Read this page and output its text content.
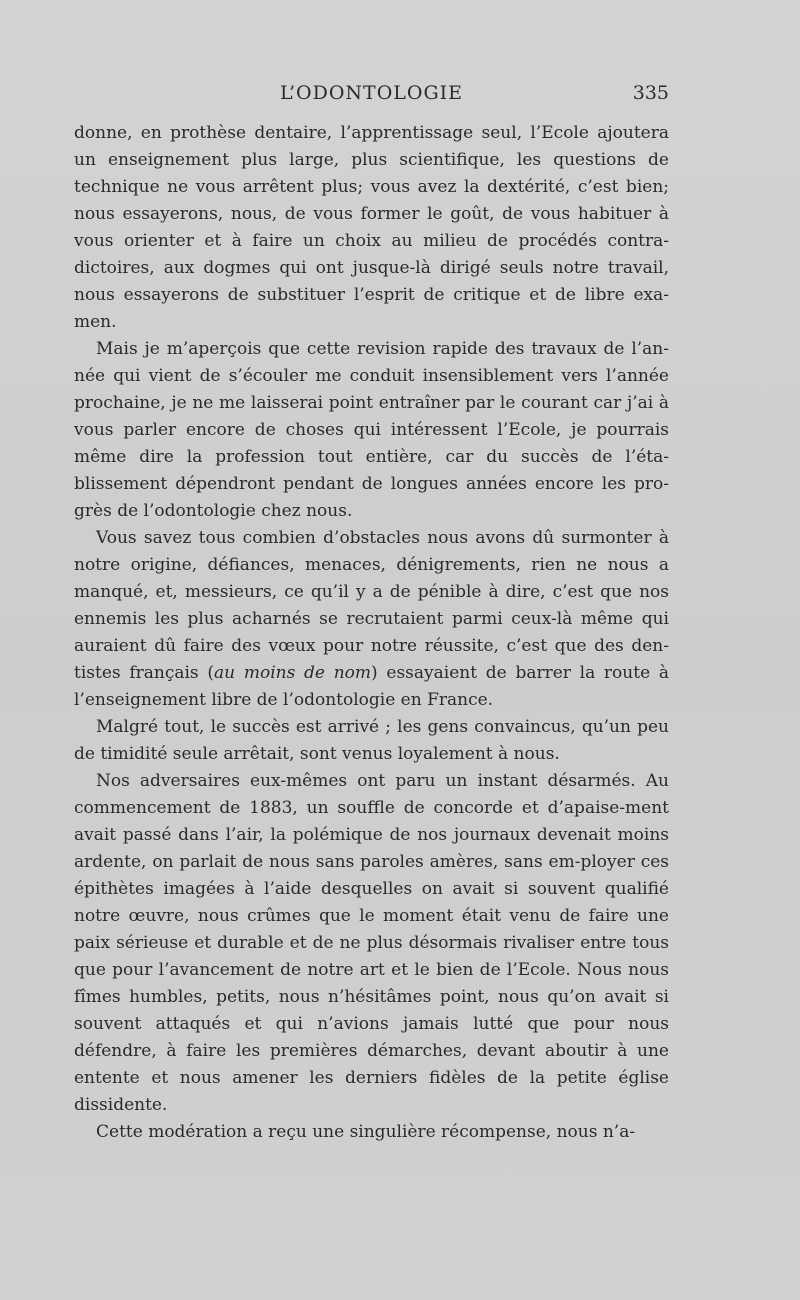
L’ODONTOLOGIE	335

donne, en prothèse dentaire, l’apprentissage seul, l’Ecole ajoutera un enseignement plus large, plus scientifique, les questions de technique ne vous arrêtent plus; vous avez la dextérité, c’est bien; nous essayerons, nous, de vous former le goût, de vous habituer à vous orienter et à faire un choix au milieu de procédés contra-dictoires, aux dogmes qui ont jusque-là dirigé seuls notre travail, nous essayerons de substituer l’esprit de critique et de libre exa-men.

Mais je m’aperçois que cette revision rapide des travaux de l’an-née qui vient de s’écouler me conduit insensiblement vers l’année prochaine, je ne me laisserai point entraîner par le courant car j’ai à vous parler encore de choses qui intéressent l’Ecole, je pourrais même dire la profession tout entière, car du succès de l’éta-blissement dépendront pendant de longues années encore les pro-grès de l’odontologie chez nous.

Vous savez tous combien d’obstacles nous avons dû surmonter à notre origine, défiances, menaces, dénigrements, rien ne nous a manqué, et, messieurs, ce qu’il y a de pénible à dire, c’est que nos ennemis les plus acharnés se recrutaient parmi ceux-là même qui auraient dû faire des vœux pour notre réussite, c’est que des den-tistes français (au moins de nom) essayaient de barrer la route à l’enseignement libre de l’odontologie en France.

Malgré tout, le succès est arrivé ; les gens convaincus, qu’un peu de timidité seule arrêtait, sont venus loyalement à nous.

Nos adversaires eux-mêmes ont paru un instant désarmés. Au commencement de 1883, un souffle de concorde et d’apaise-ment avait passé dans l’air, la polémique de nos journaux devenait moins ardente, on parlait de nous sans paroles amères, sans em-ployer ces épithètes imagées à l’aide desquelles on avait si souvent qualifié notre œuvre, nous crûmes que le moment était venu de faire une paix sérieuse et durable et de ne plus désormais rivaliser entre tous que pour l’avancement de notre art et le bien de l’Ecole. Nous nous fîmes humbles, petits, nous n’hésitâmes point, nous qu’on avait si souvent attaqués et qui n’avions jamais lutté que pour nous défendre, à faire les premières démarches, devant aboutir à une entente et nous amener les derniers fidèles de la petite église dissidente.

Cette modération a reçu une singulière récompense, nous n’a-
